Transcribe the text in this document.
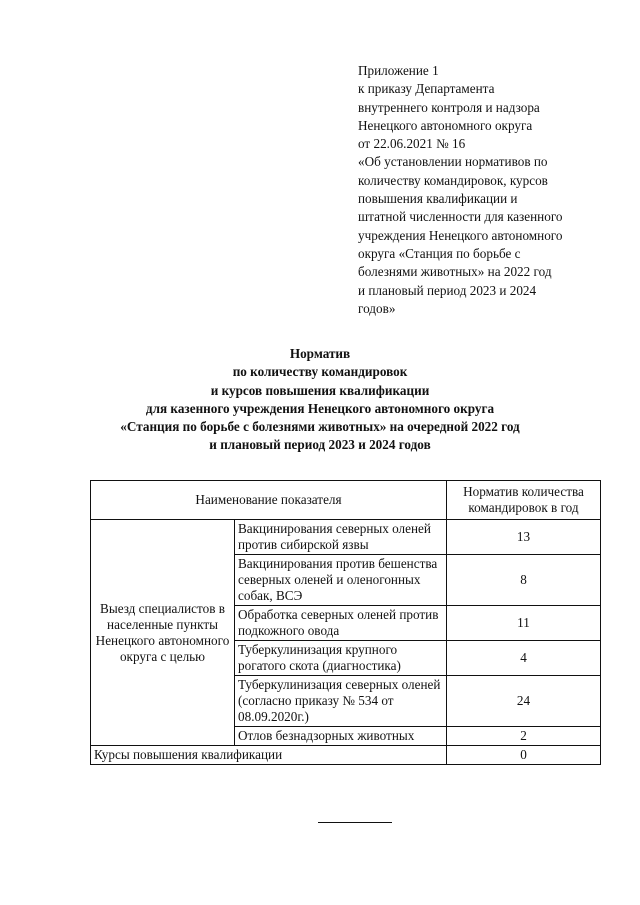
Приложение 1
к приказу Департамента
внутреннего контроля и надзора
Ненецкого автономного округа
от 22.06.2021 № 16
«Об установлении нормативов по
количеству командировок, курсов
повышения квалификации и
штатной численности для казенного
учреждения Ненецкого автономного
округа «Станция по борьбе с
болезнями животных» на 2022 год
и плановый период 2023 и 2024
годов»
Норматив
по количеству командировок
и курсов повышения квалификации
для казенного учреждения Ненецкого автономного округа
«Станция по борьбе с болезнями животных» на очередной 2022 год
и плановый период 2023 и 2024 годов
Наименование показателя		Норматив количества командировок в год
Выезд специалистов в населенные пункты Ненецкого автономного округа с целью	Вакцинирования северных оленей против сибирской язвы	13
	Вакцинирования против бешенства северных оленей и оленогонных собак, ВСЭ	8
	Обработка северных оленей против подкожного овода	11
	Туберкулинизация крупного рогатого скота (диагностика)	4
	Туберкулинизация северных оленей (согласно приказу № 534 от 08.09.2020г.)	24
	Отлов безнадзорных животных	2
Курсы повышения квалификации		0
